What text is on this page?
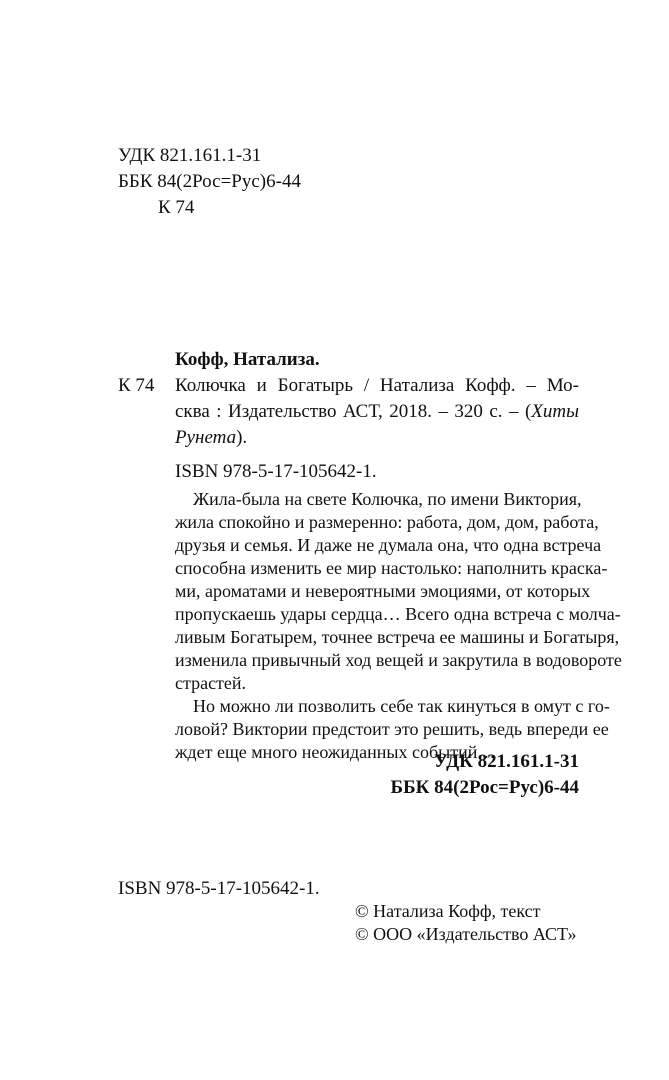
УДК 821.161.1-31
ББК 84(2Рос=Рус)6-44
К 74
Кофф, Натализа.
К 74 Колючка и Богатырь / Натализа Кофф. – Мо-
сква : Издательство АСТ, 2018. – 320 с. – (Хиты
Рунета).
ISBN 978-5-17-105642-1.
Жила-была на свете Колючка, по имени Виктория,
жила спокойно и размеренно: работа, дом, дом, работа,
друзья и семья. И даже не думала она, что одна встреча
способна изменить ее мир настолько: наполнить краска-
ми, ароматами и невероятными эмоциями, от которых
пропускаешь удары сердца… Всего одна встреча с молча-
ливым Богатырем, точнее встреча ее машины и Богатыря,
изменила привычный ход вещей и закрутила в водовороте
страстей.
Но можно ли позволить себе так кинуться в омут с го-
ловой? Виктории предстоит это решить, ведь впереди ее
ждет еще много неожиданных событий…
УДК 821.161.1-31
ББК 84(2Рос=Рус)6-44
ISBN 978-5-17-105642-1.
© Натализа Кофф, текст
© ООО «Издательство АСТ»
